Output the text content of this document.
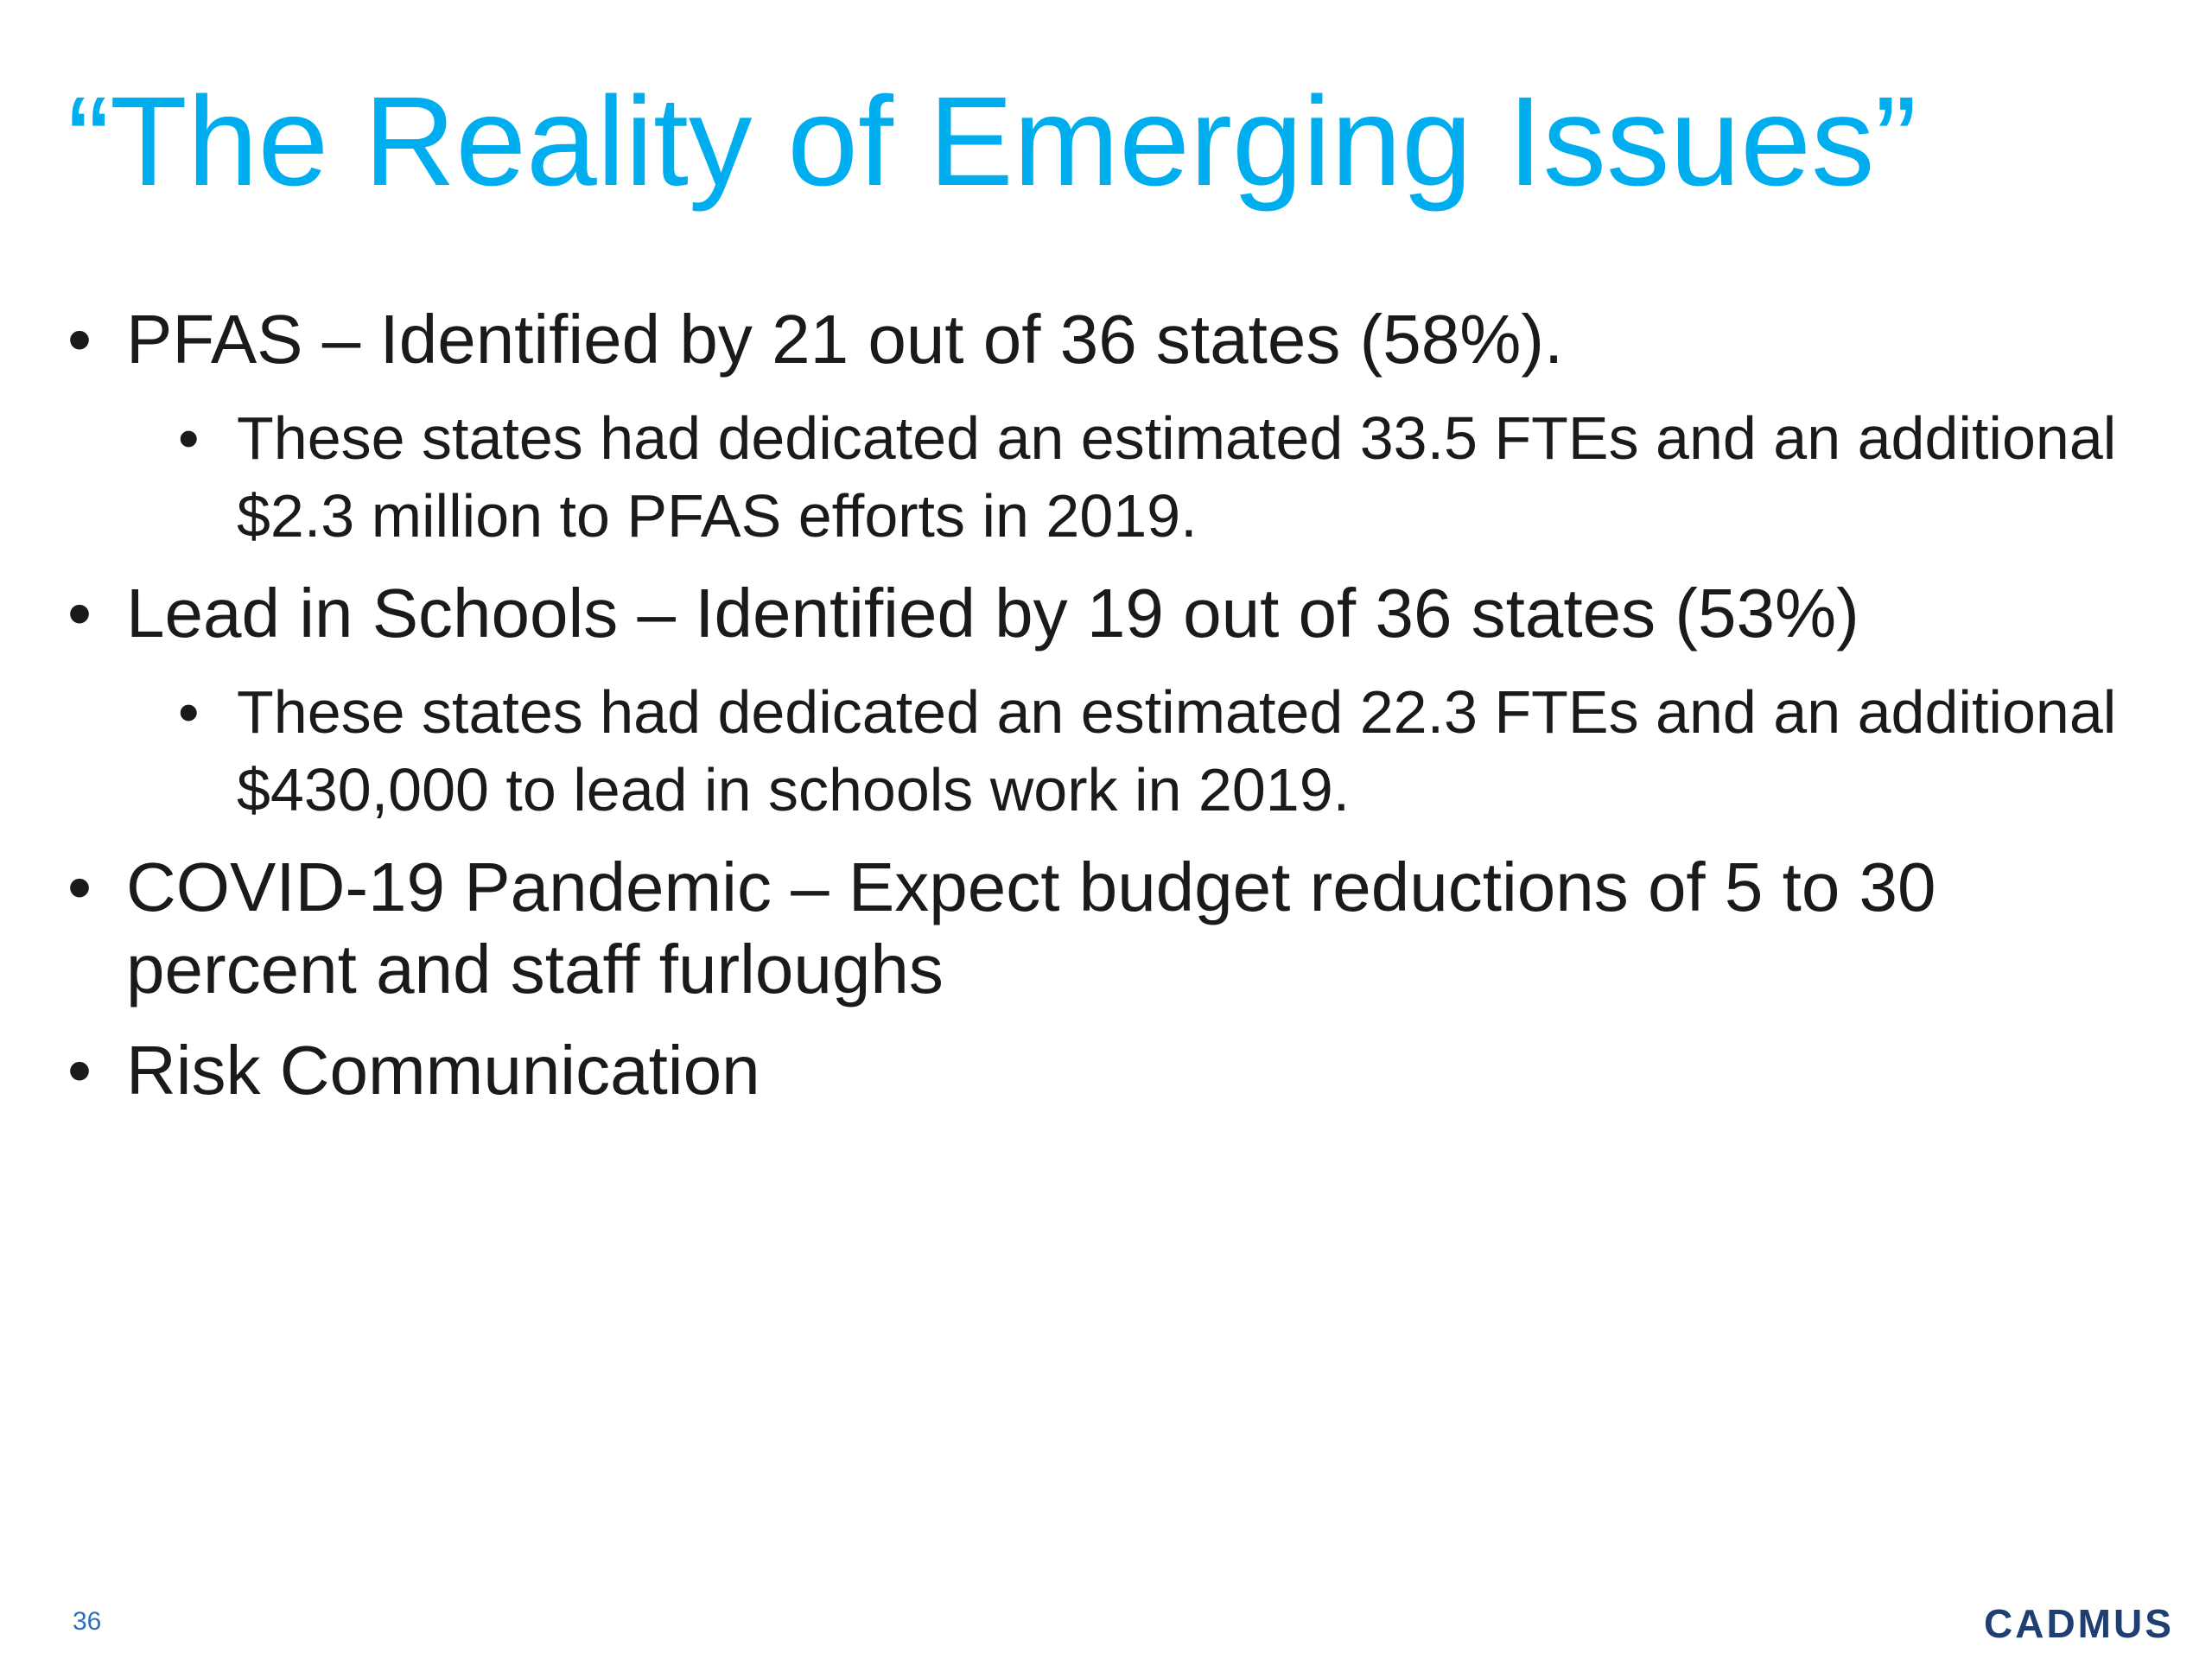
“The Reality of Emerging Issues”
• PFAS – Identified by 21 out of 36 states (58%).
• These states had dedicated an estimated 33.5 FTEs and an additional $2.3 million to PFAS efforts in 2019.
• Lead in Schools – Identified by 19 out of 36 states (53%)
• These states had dedicated an estimated 22.3 FTEs and an additional $430,000 to lead in schools work in 2019.
• COVID-19 Pandemic – Expect budget reductions of 5 to 30 percent and staff furloughs
• Risk Communication
36	CADMUS
